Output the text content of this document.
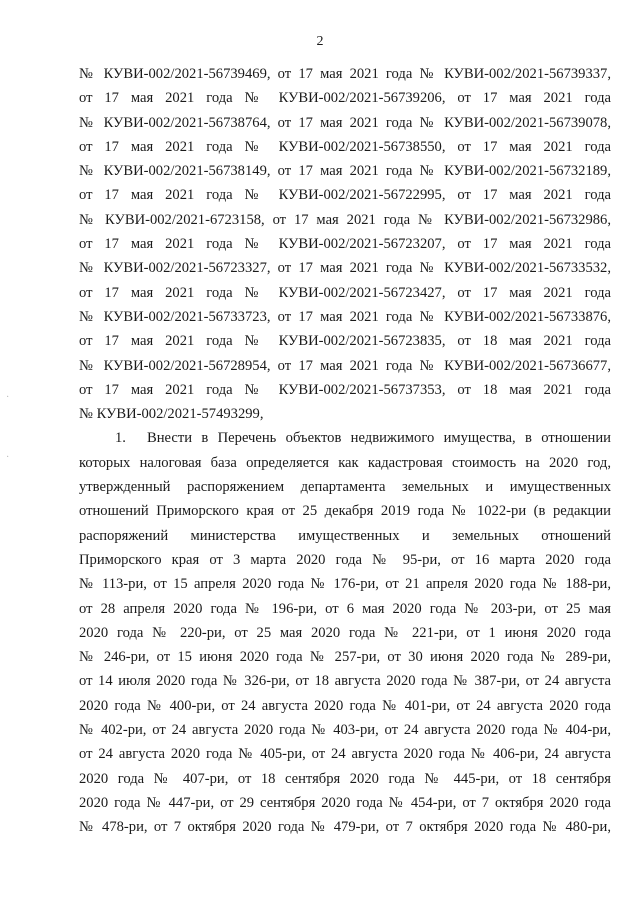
2
·
·
№ КУВИ-002/2021-56739469, от 17 мая 2021 года № КУВИ-002/2021-56739337,
от 17 мая 2021 года № КУВИ-002/2021-56739206, от 17 мая 2021 года
№ КУВИ-002/2021-56738764, от 17 мая 2021 года № КУВИ-002/2021-56739078,
от 17 мая 2021 года № КУВИ-002/2021-56738550, от 17 мая 2021 года
№ КУВИ-002/2021-56738149, от 17 мая 2021 года № КУВИ-002/2021-56732189,
от 17 мая 2021 года № КУВИ-002/2021-56722995, от 17 мая 2021 года
№ КУВИ-002/2021-6723158, от 17 мая 2021 года № КУВИ-002/2021-56732986,
от 17 мая 2021 года № КУВИ-002/2021-56723207, от 17 мая 2021 года
№ КУВИ-002/2021-56723327, от 17 мая 2021 года № КУВИ-002/2021-56733532,
от 17 мая 2021 года № КУВИ-002/2021-56723427, от 17 мая 2021 года
№ КУВИ-002/2021-56733723, от 17 мая 2021 года № КУВИ-002/2021-56733876,
от 17 мая 2021 года № КУВИ-002/2021-56723835, от 18 мая 2021 года
№ КУВИ-002/2021-56728954, от 17 мая 2021 года № КУВИ-002/2021-56736677,
от 17 мая 2021 года № КУВИ-002/2021-56737353, от 18 мая 2021 года
№ КУВИ-002/2021-57493299,
1. Внести в Перечень объектов недвижимого имущества, в отношении
которых налоговая база определяется как кадастровая стоимость на 2020 год,
утвержденный распоряжением департамента земельных и имущественных
отношений Приморского края от 25 декабря 2019 года № 1022-ри (в редакции
распоряжений министерства имущественных и земельных отношений
Приморского края от 3 марта 2020 года № 95-ри, от 16 марта 2020 года
№ 113-ри, от 15 апреля 2020 года № 176-ри, от 21 апреля 2020 года № 188-ри,
от 28 апреля 2020 года № 196-ри, от 6 мая 2020 года № 203-ри, от 25 мая
2020 года № 220-ри, от 25 мая 2020 года № 221-ри, от 1 июня 2020 года
№ 246-ри, от 15 июня 2020 года № 257-ри, от 30 июня 2020 года № 289-ри,
от 14 июля 2020 года № 326-ри, от 18 августа 2020 года № 387-ри, от 24 августа
2020 года № 400-ри, от 24 августа 2020 года № 401-ри, от 24 августа 2020 года
№ 402-ри, от 24 августа 2020 года № 403-ри, от 24 августа 2020 года № 404-ри,
от 24 августа 2020 года № 405-ри, от 24 августа 2020 года № 406-ри, 24 августа
2020 года № 407-ри, от 18 сентября 2020 года № 445-ри, от 18 сентября
2020 года № 447-ри, от 29 сентября 2020 года № 454-ри, от 7 октября 2020 года
№ 478-ри, от 7 октября 2020 года № 479-ри, от 7 октября 2020 года № 480-ри,
